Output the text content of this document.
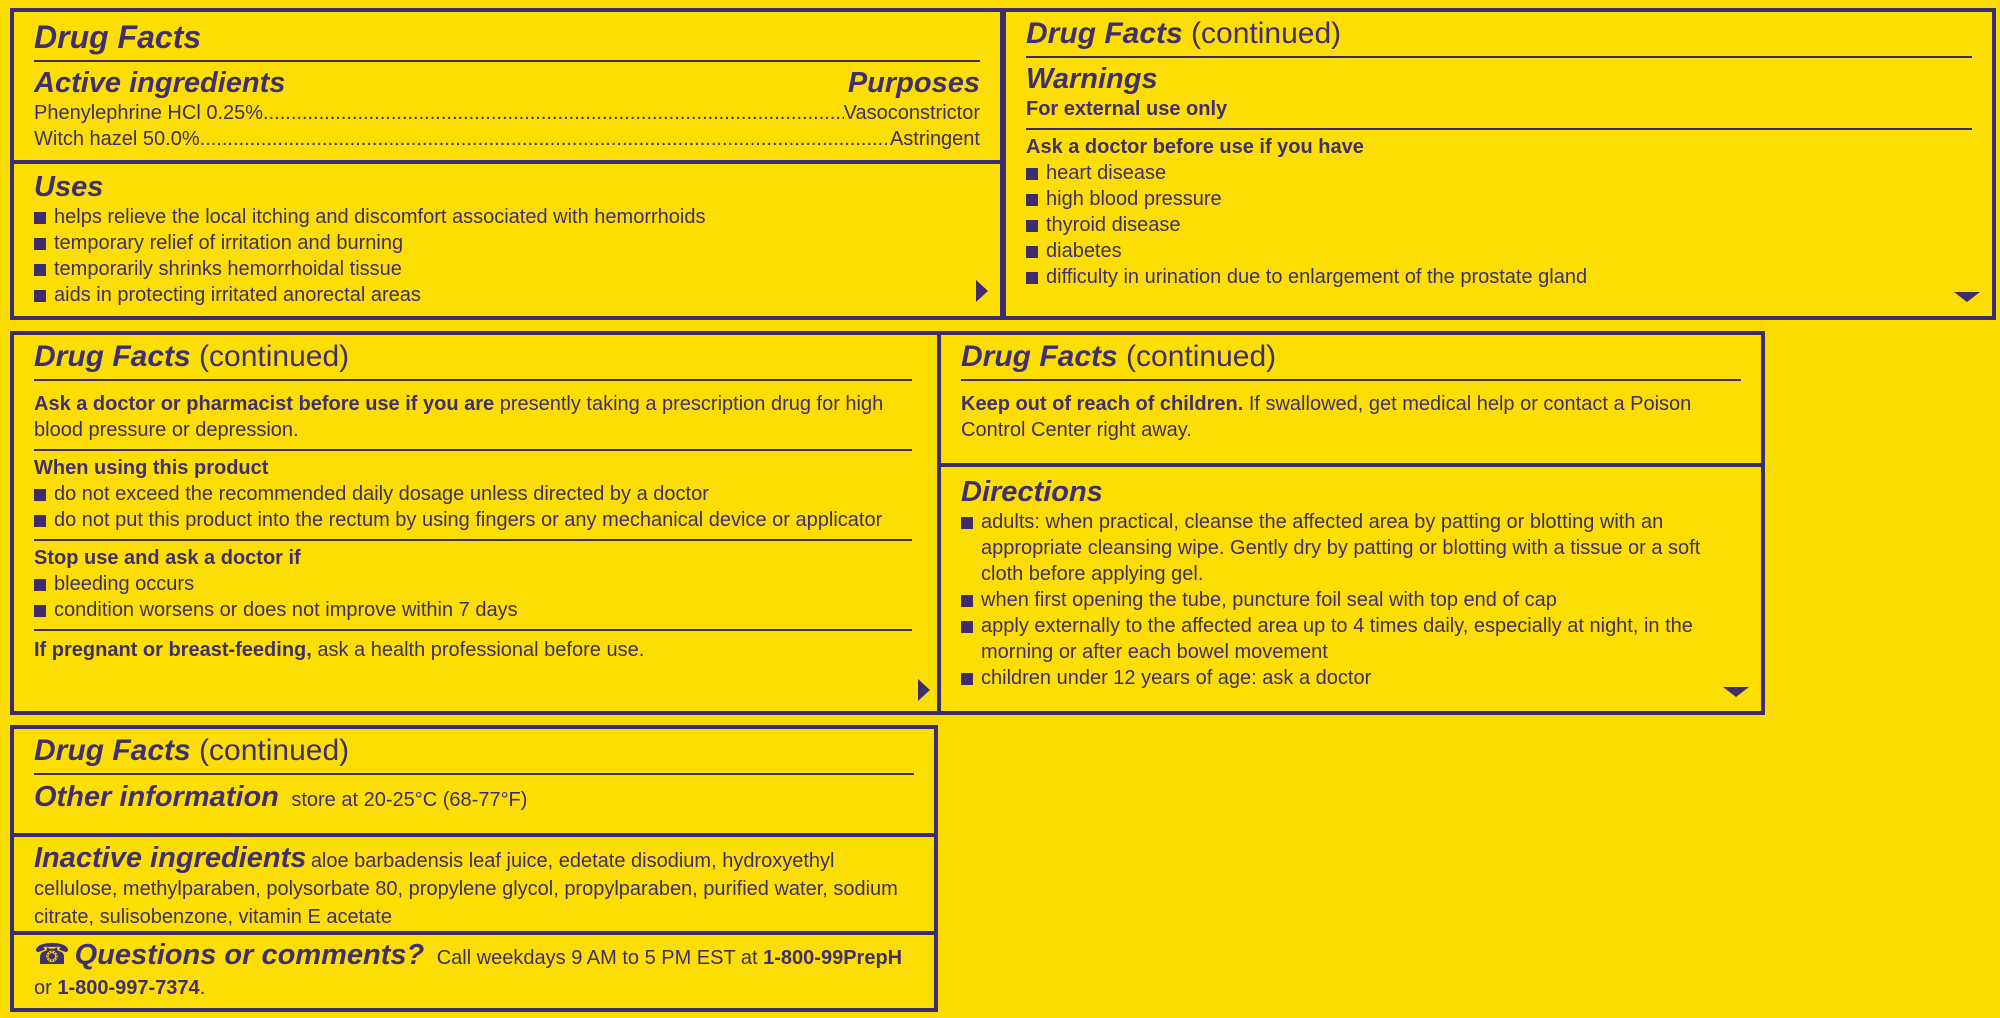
Drug Facts
Active ingredients	Purposes
Phenylephrine HCl 0.25% .....	Vasoconstrictor
Witch hazel 50.0% .....	Astringent
Uses
helps relieve the local itching and discomfort associated with hemorrhoids
temporary relief of irritation and burning
temporarily shrinks hemorrhoidal tissue
aids in protecting irritated anorectal areas
Drug Facts (continued)
Warnings
For external use only
Ask a doctor before use if you have
heart disease
high blood pressure
thyroid disease
diabetes
difficulty in urination due to enlargement of the prostate gland
Drug Facts (continued)
Ask a doctor or pharmacist before use if you are presently taking a prescription drug for high blood pressure or depression.
When using this product
do not exceed the recommended daily dosage unless directed by a doctor
do not put this product into the rectum by using fingers or any mechanical device or applicator
Stop use and ask a doctor if
bleeding occurs
condition worsens or does not improve within 7 days
If pregnant or breast-feeding, ask a health professional before use.
Drug Facts (continued)
Keep out of reach of children. If swallowed, get medical help or contact a Poison Control Center right away.
Directions
adults: when practical, cleanse the affected area by patting or blotting with an appropriate cleansing wipe. Gently dry by patting or blotting with a tissue or a soft cloth before applying gel.
when first opening the tube, puncture foil seal with top end of cap
apply externally to the affected area up to 4 times daily, especially at night, in the morning or after each bowel movement
children under 12 years of age: ask a doctor
Drug Facts (continued)
Other information store at 20-25°C (68-77°F)
Inactive ingredients aloe barbadensis leaf juice, edetate disodium, hydroxyethyl cellulose, methylparaben, polysorbate 80, propylene glycol, propylparaben, purified water, sodium citrate, sulisobenzone, vitamin E acetate
☎ Questions or comments? Call weekdays 9 AM to 5 PM EST at 1-800-99PrepH
or 1-800-997-7374.
